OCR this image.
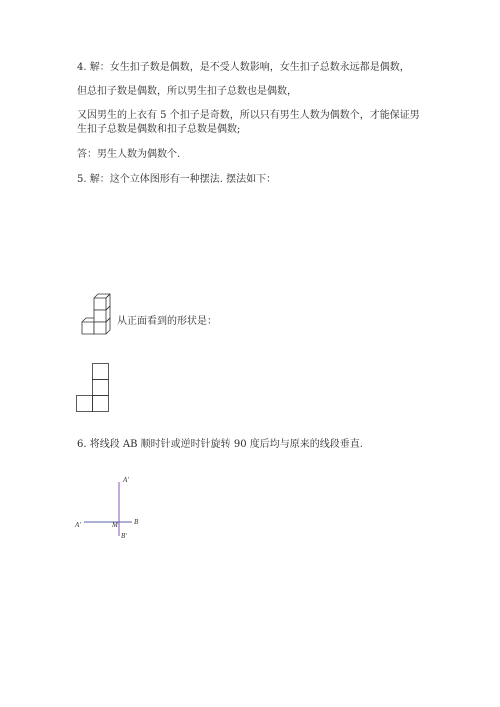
4. 解：女生扣子数是偶数，是不受人数影响，女生扣子总数永远都是偶数，
但总扣子数是偶数，所以男生扣子总数也是偶数，
又因男生的上衣有 5 个扣子是奇数，所以只有男生人数为偶数个，才能保证男
生扣子总数是偶数和扣子总数是偶数;
答：男生人数为偶数个.
5. 解：这个立体图形有一种摆法. 摆法如下：
从正面看到的形状是：
6. 将线段 AB 顺时针或逆时针旋转 90 度后均与原来的线段垂直.
A'
A'	M B
B'
